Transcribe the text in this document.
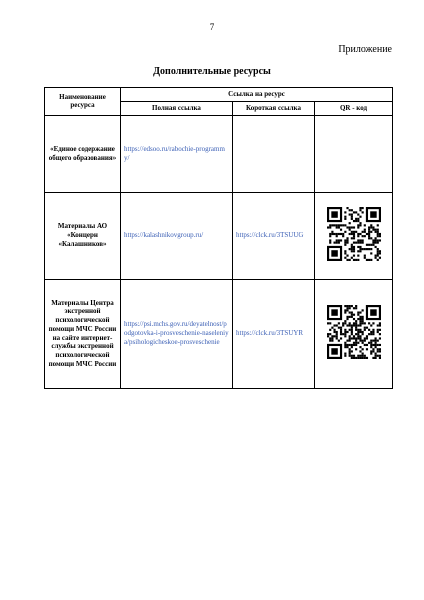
7
Приложение
Дополнительные ресурсы
Наименование ресурса	Ссылка на ресурс		
	Полная ссылка	Короткая ссылка	QR - код
«Единое содержание общего образования»	https://edsoo.ru/rabochie-programmy/		
Материалы АО «Концерн «Калашников»	https://kalashnikovgroup.ru/	https://clck.ru/3TSUUG	
Материалы Центра экстренной психологической помощи МЧС России на сайте интернет-службы экстренной психологической помощи МЧС России	https://psi.mchs.gov.ru/deyatelnost/podgotovka-i-prosveschenie-naseleniya/psihologicheskoe-prosveschenie	https://clck.ru/3TSUYR	
